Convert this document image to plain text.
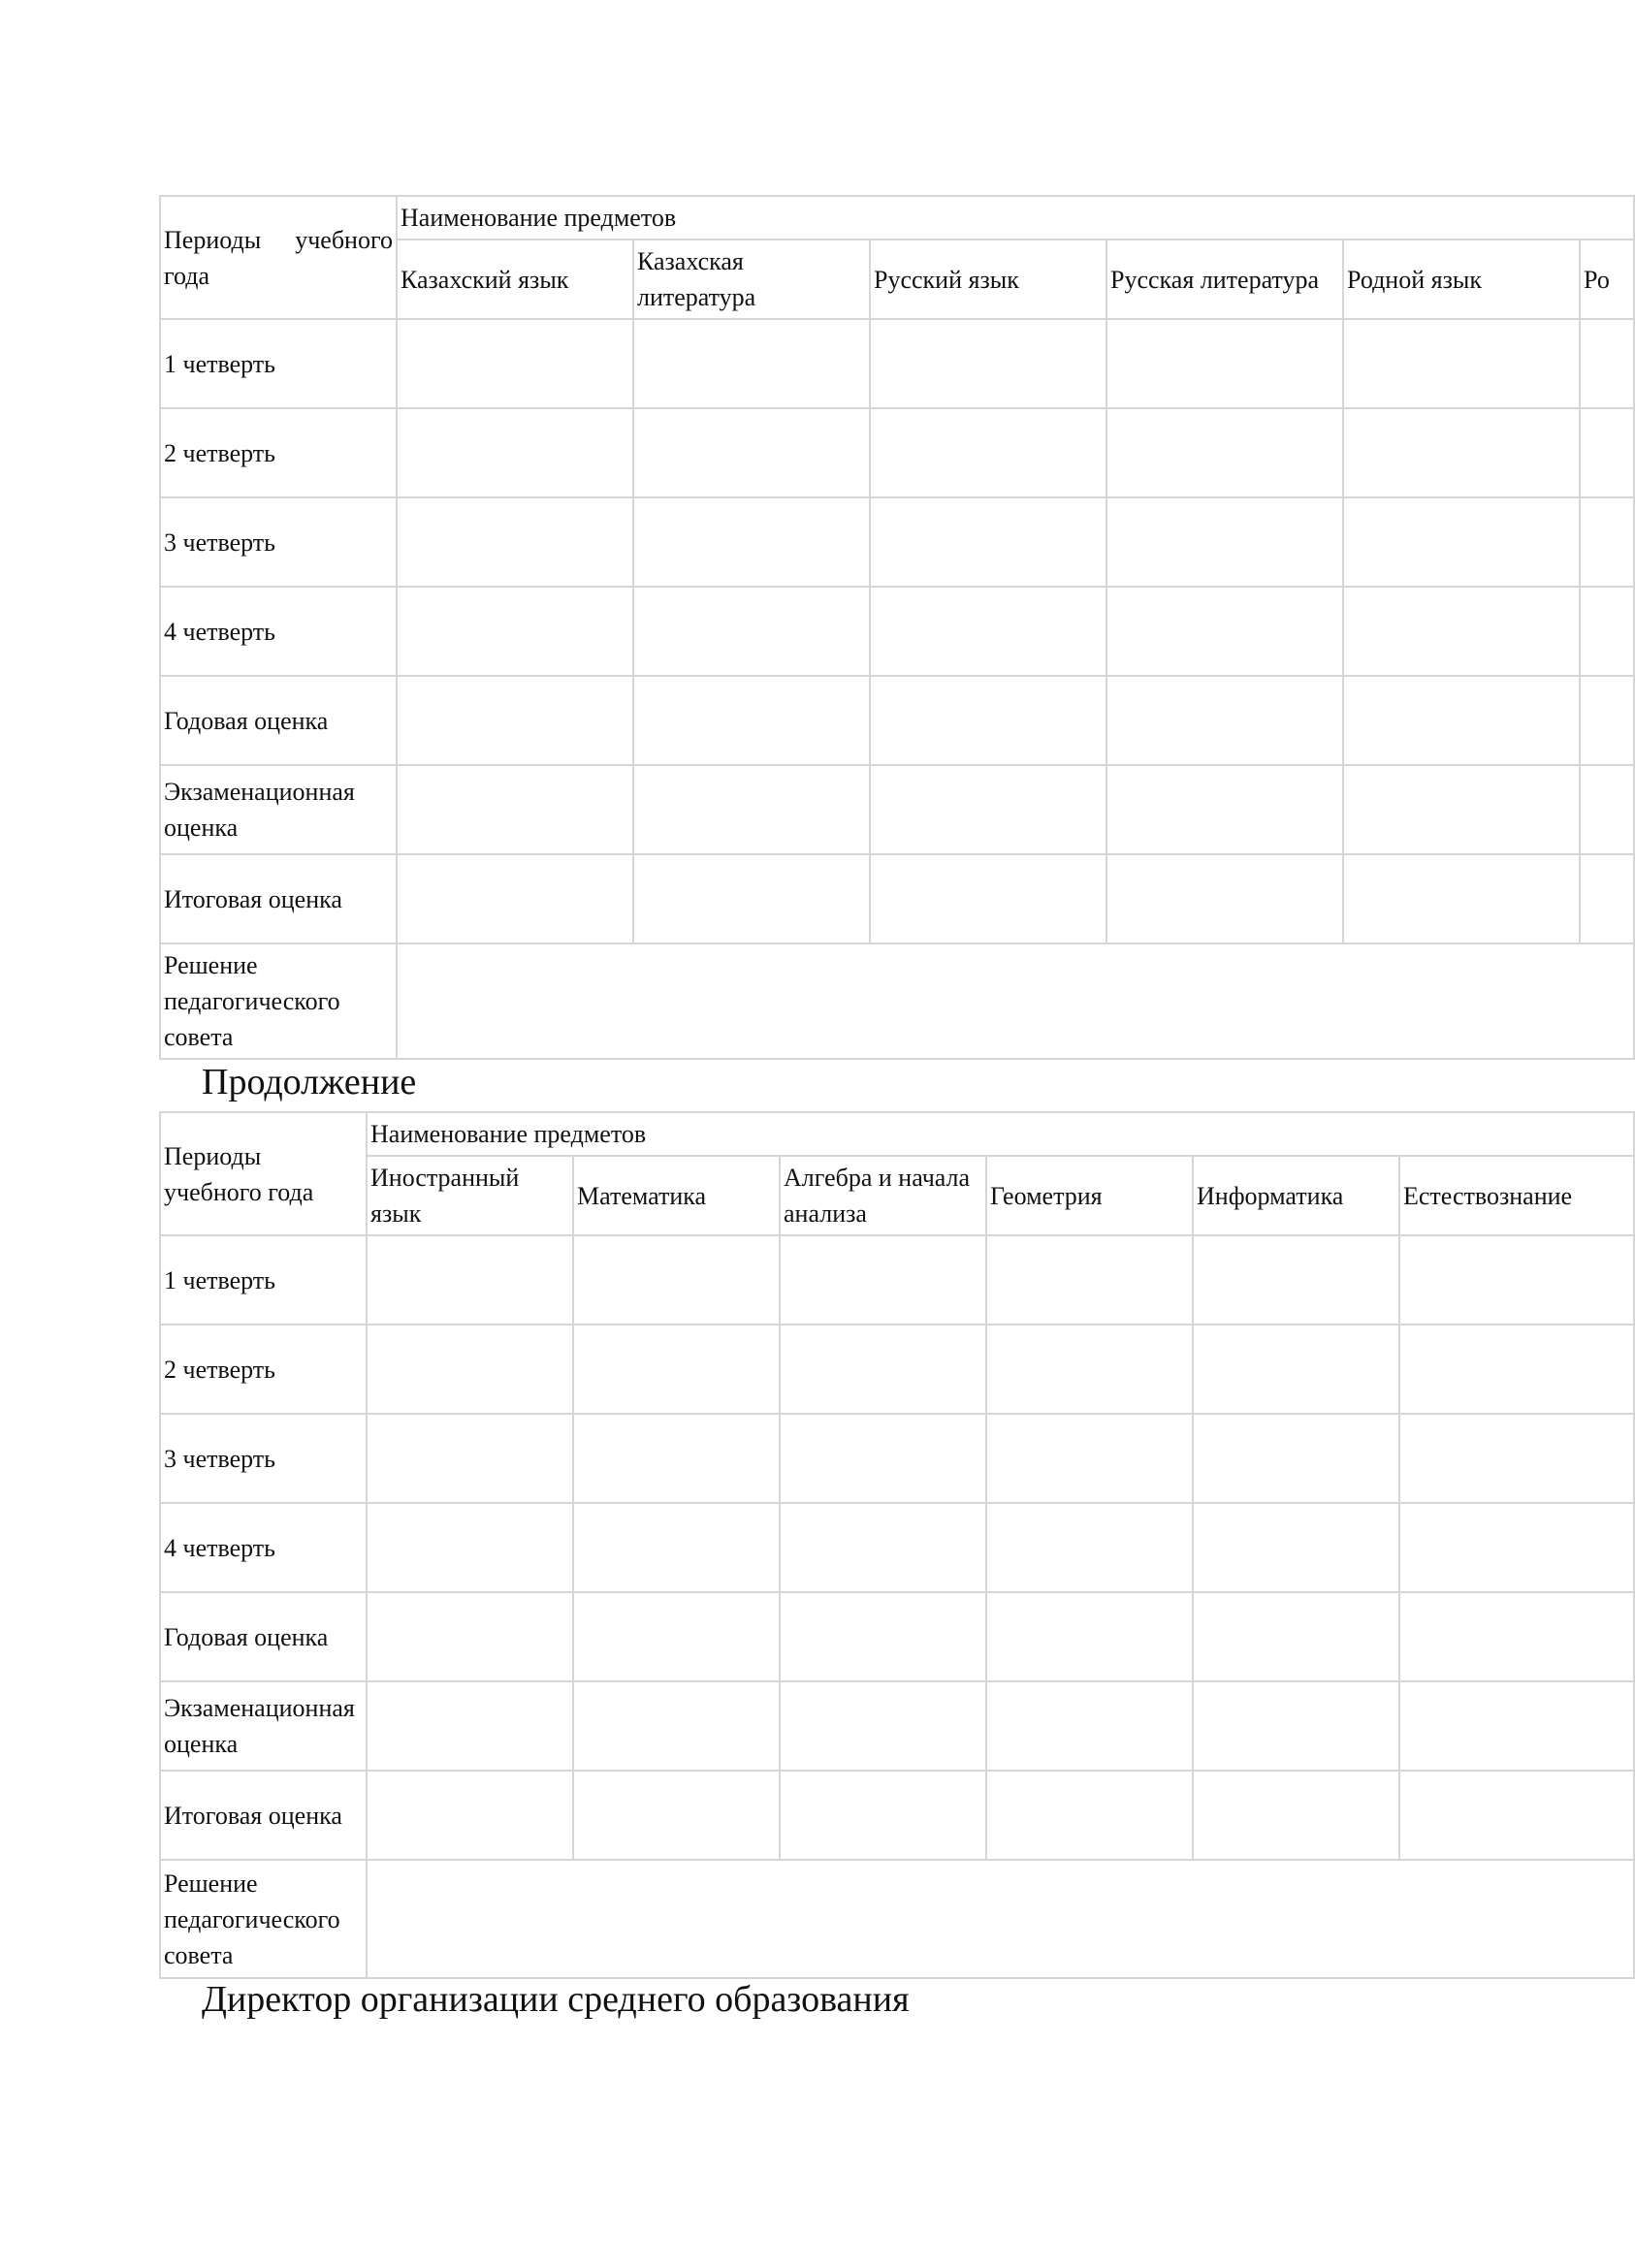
Периоды учебного года	Наименование предметов					
	Казахский язык	Казахская литература	Русский язык	Русская литература	Родной язык	Ро
1 четверть						
2 четверть						
3 четверть						
4 четверть						
Годовая оценка						
Экзаменационная оценка						
Итоговая оценка						
Решение педагогического совета						
Продолжение
Периоды учебного года	Наименование предметов					
	Иностранный язык	Математика	Алгебра и начала анализа	Геометрия	Информатика	Естествознание
1 четверть						
2 четверть						
3 четверть						
4 четверть						
Годовая оценка						
Экзаменационная оценка						
Итоговая оценка						
Решение педагогического совета						
Директор организации среднего образования
